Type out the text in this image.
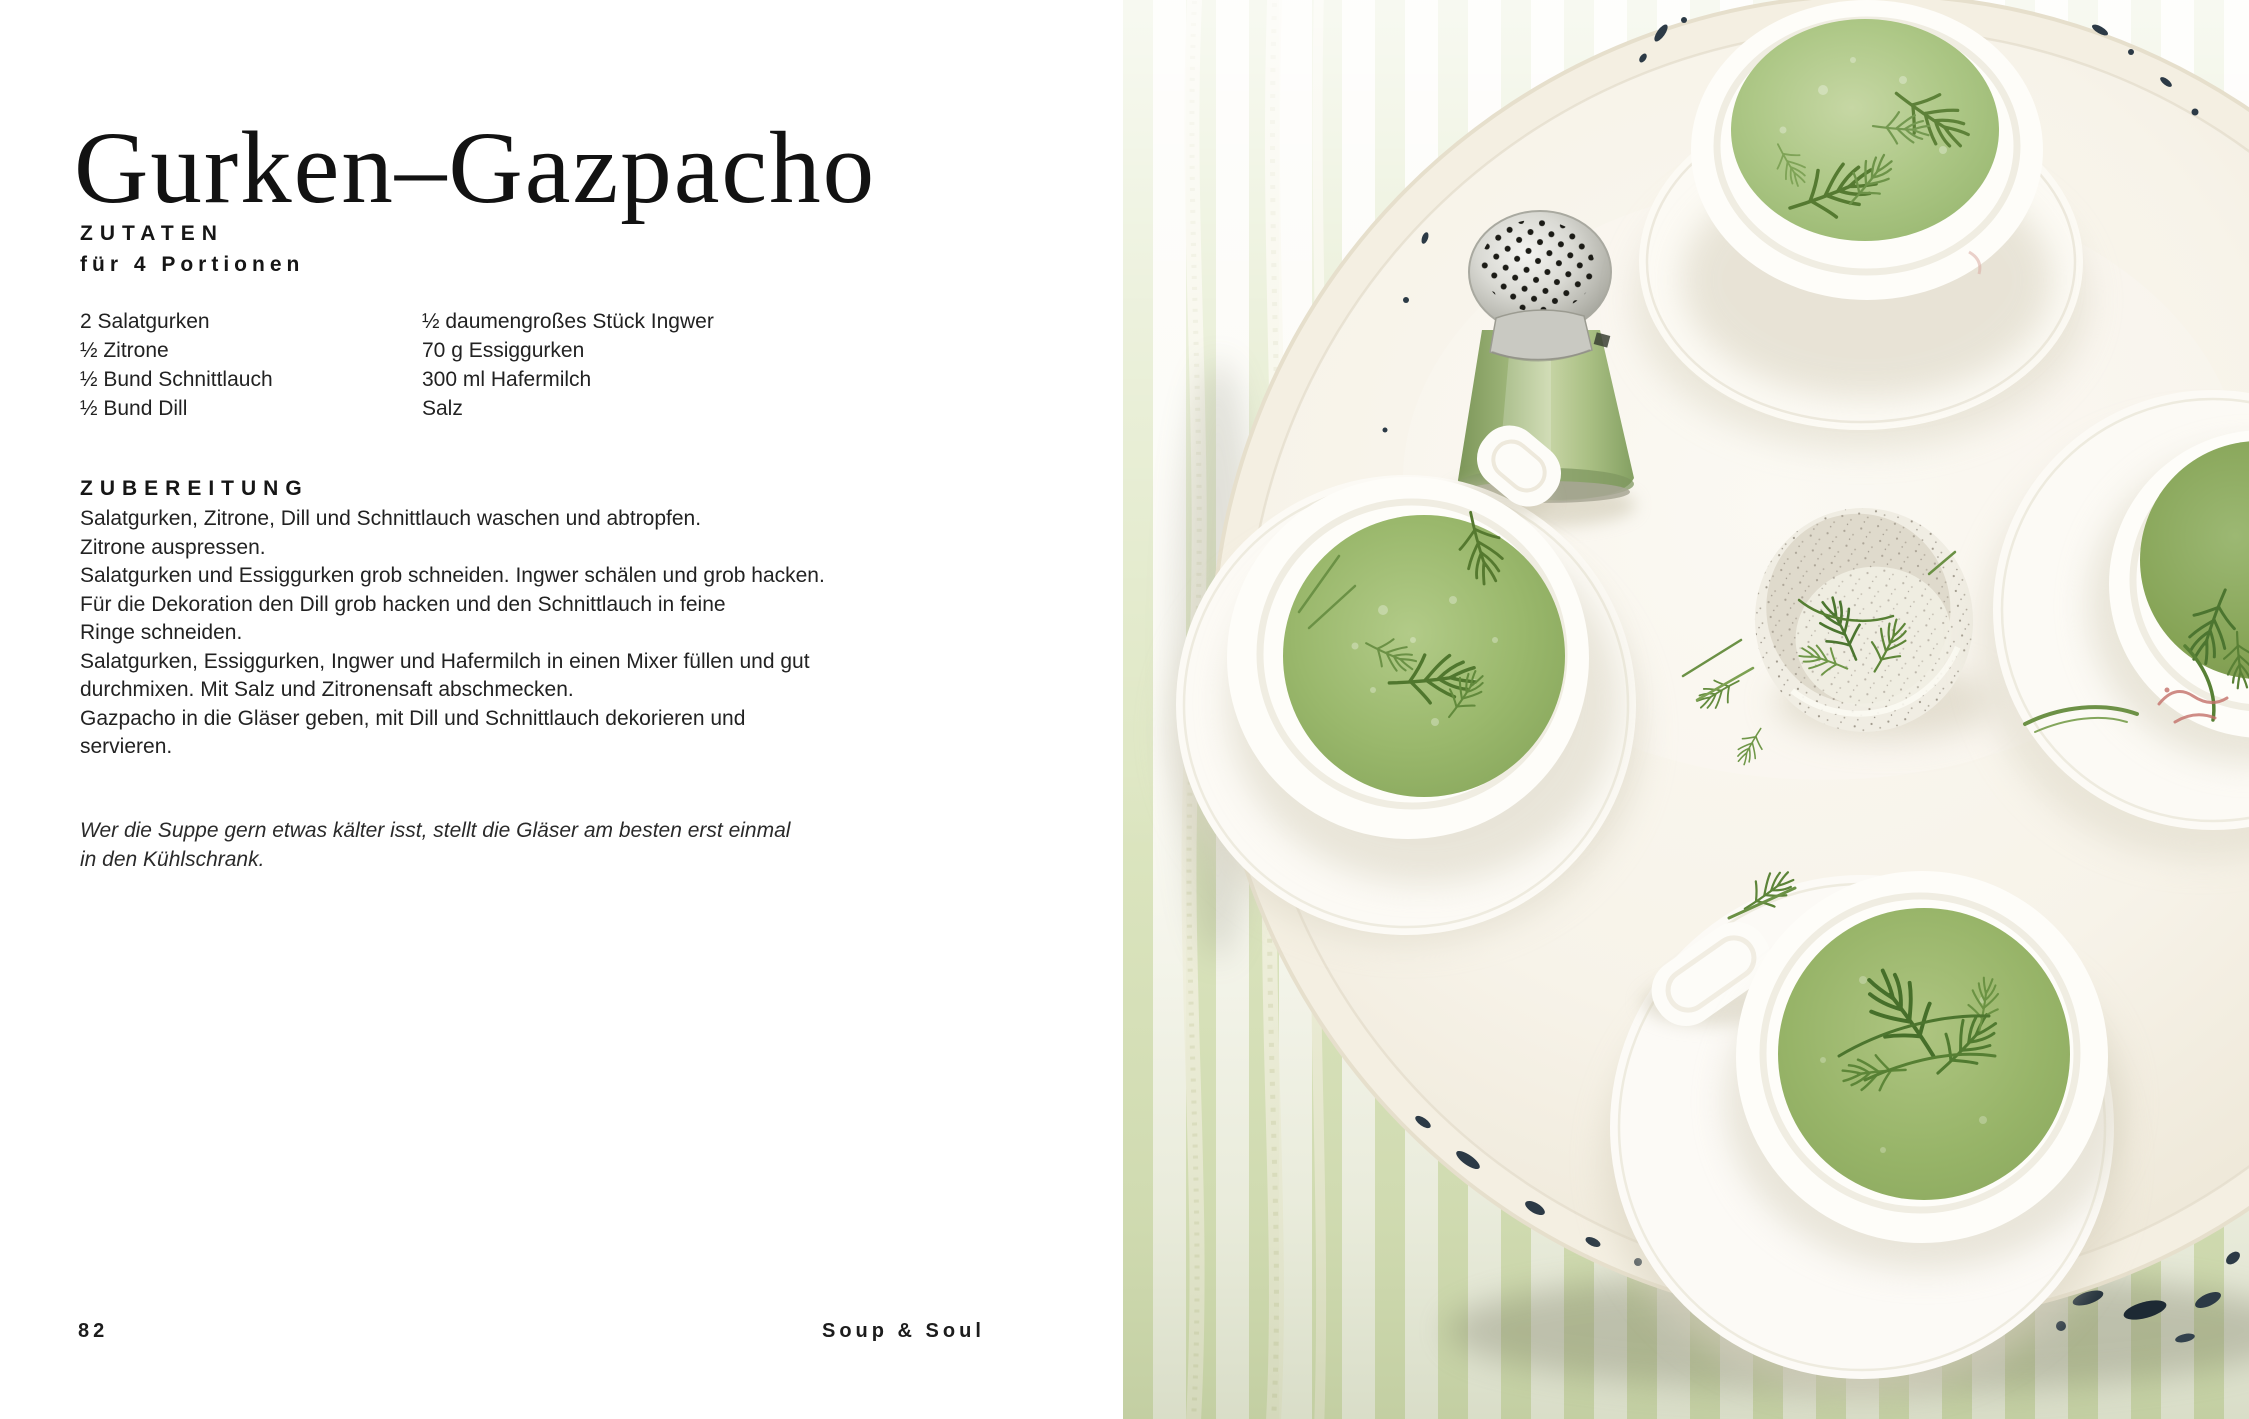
Gurken–Gazpacho
ZUTATEN
für 4 Portionen
2 Salatgurken
½ Zitrone
½ Bund Schnittlauch
½ Bund Dill
½ daumengroßes Stück Ingwer
70 g Essiggurken
300 ml Hafermilch
Salz
ZUBEREITUNG
Salatgurken, Zitrone, Dill und Schnittlauch waschen und abtropfen.
Zitrone auspressen.
Salatgurken und Essiggurken grob schneiden. Ingwer schälen und grob hacken.
Für die Dekoration den Dill grob hacken und den Schnittlauch in feine
Ringe schneiden.
Salatgurken, Essiggurken, Ingwer und Hafermilch in einen Mixer füllen und gut
durchmixen. Mit Salz und Zitronensaft abschmecken.
Gazpacho in die Gläser geben, mit Dill und Schnittlauch dekorieren und
servieren.
Wer die Suppe gern etwas kälter isst, stellt die Gläser am besten erst einmal
in den Kühlschrank.
82	Soup & Soul
